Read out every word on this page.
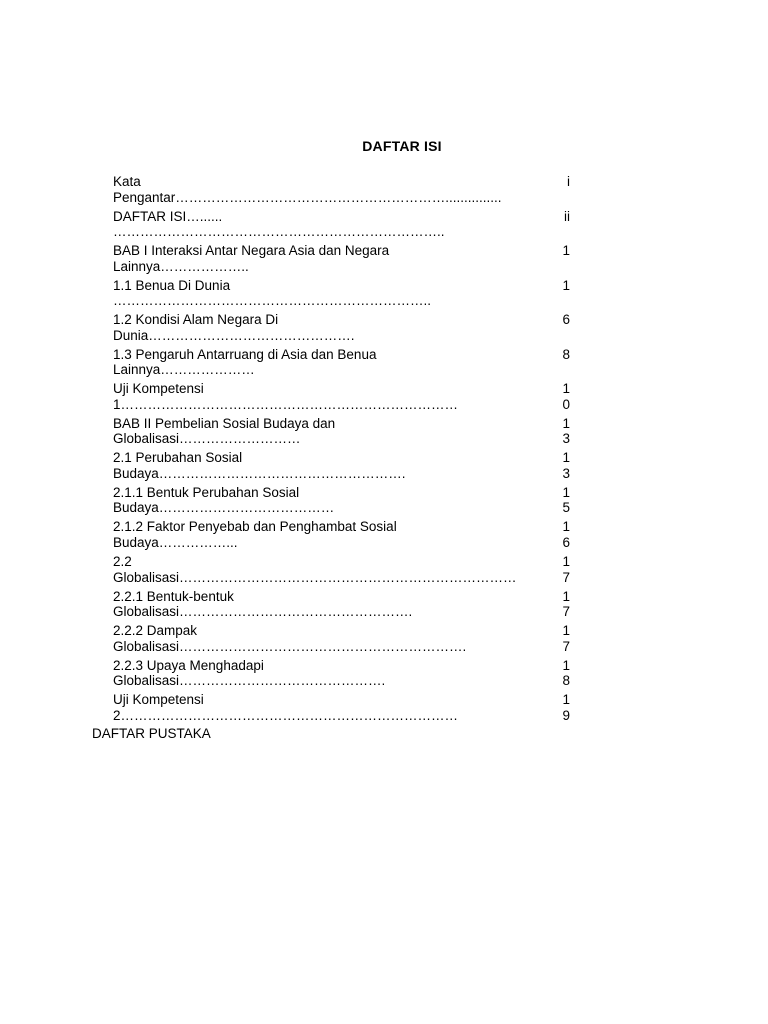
DAFTAR ISI
Kata
Pengantar……………………………………………………...............
i
DAFTAR ISI…......
………………………………………………………………..
ii
BAB I Interaksi Antar Negara Asia dan Negara
Lainnya………………..
1
1.1 Benua Di Dunia
……………………………………………………………..
1
1.2 Kondisi Alam Negara Di
Dunia……………………………………….
6
1.3 Pengaruh Antarruang di Asia dan Benua
Lainnya…………………
8
Uji Kompetensi
1…………………………………………………………………
1
0
BAB II Pembelian Sosial Budaya dan
Globalisasi………………………
1
3
2.1 Perubahan Sosial
Budaya……………………………………………….
1
3
2.1.1 Bentuk Perubahan Sosial
Budaya…………………………………
1
5
2.1.2 Faktor Penyebab dan Penghambat Sosial
Budaya……………...
1
6
2.2
Globalisasi…………………………………………………………………
1
7
2.2.1 Bentuk-bentuk
Globalisasi…………………………………………….
1
7
2.2.2 Dampak
Globalisasi……………………………………………………….
1
7
2.2.3 Upaya Menghadapi
Globalisasi……………………………………….
1
8
Uji Kompetensi
2…………………………………………………………………
1
9
DAFTAR PUSTAKA
